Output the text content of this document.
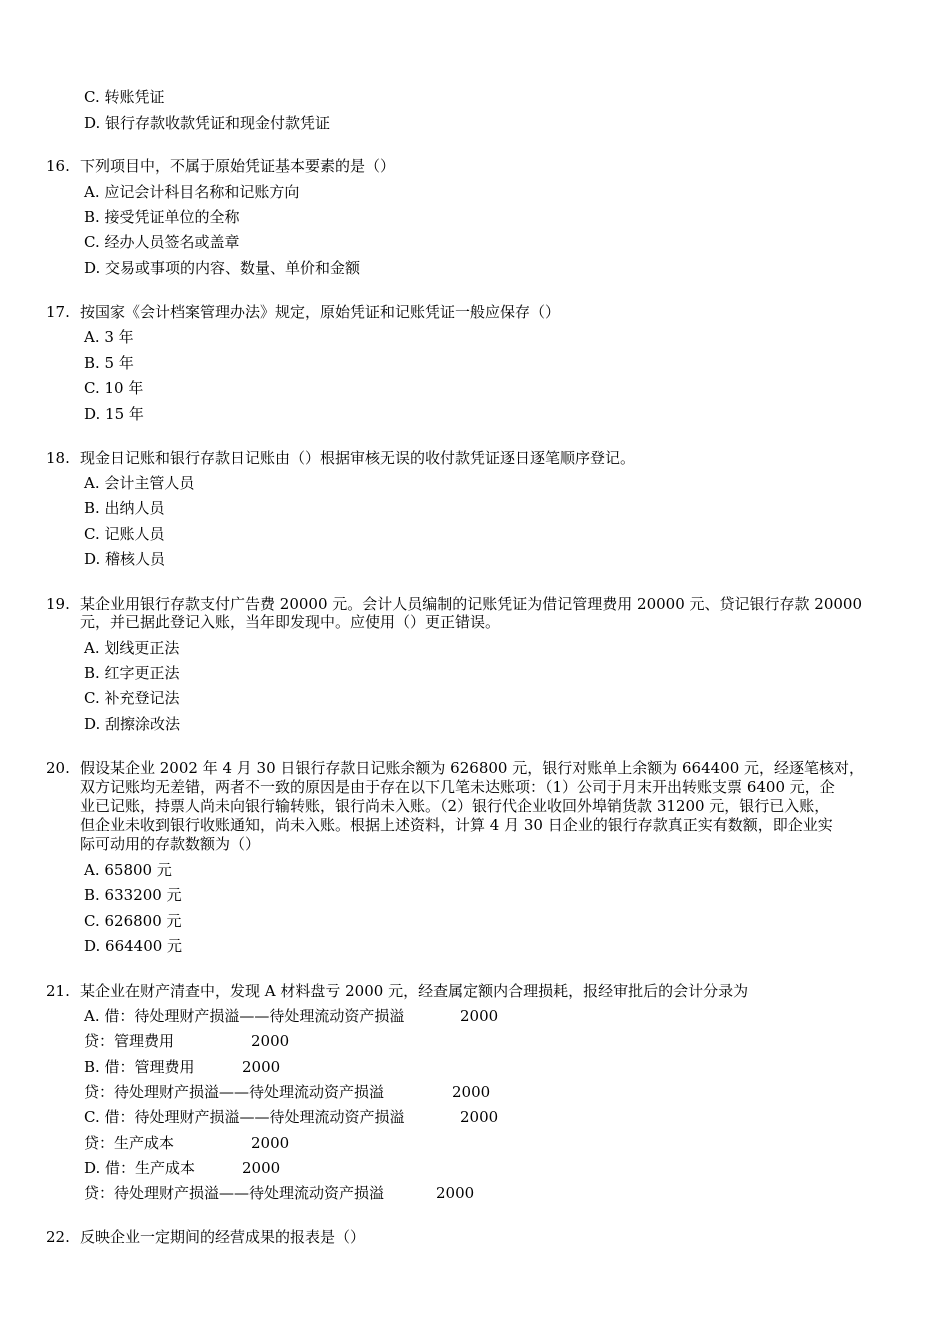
C. 转账凭证
D. 银行存款收款凭证和现金付款凭证
16. 下列项目中，不属于原始凭证基本要素的是（）
A. 应记会计科目名称和记账方向
B. 接受凭证单位的全称
C. 经办人员签名或盖章
D. 交易或事项的内容、数量、单价和金额
17. 按国家《会计档案管理办法》规定，原始凭证和记账凭证一般应保存（）
A. 3 年
B. 5 年
C. 10 年
D. 15 年
18. 现金日记账和银行存款日记账由（）根据审核无误的收付款凭证逐日逐笔顺序登记。
A. 会计主管人员
B. 出纳人员
C. 记账人员
D. 稽核人员
19. 某企业用银行存款支付广告费 20000 元。会计人员编制的记账凭证为借记管理费用 20000 元、贷记银行存款 20000
元，并已据此登记入账，当年即发现中。应使用（）更正错误。
A. 划线更正法
B. 红字更正法
C. 补充登记法
D. 刮擦涂改法
20. 假设某企业 2002 年 4 月 30 日银行存款日记账余额为 626800 元，银行对账单上余额为 664400 元，经逐笔核对，
双方记账均无差错，两者不一致的原因是由于存在以下几笔未达账项：（1）公司于月末开出转账支票 6400 元，企
业已记账，持票人尚未向银行输转账，银行尚未入账。（2）银行代企业收回外埠销货款 31200 元，银行已入账，
但企业未收到银行收账通知，尚未入账。根据上述资料，计算 4 月 30 日企业的银行存款真正实有数额，即企业实
际可动用的存款数额为（）
A. 65800 元
B. 633200 元
C. 626800 元
D. 664400 元
21. 某企业在财产清查中，发现 A 材料盘亏 2000 元，经查属定额内合理损耗，报经审批后的会计分录为
A. 借：待处理财产损溢——待处理流动资产损溢	2000
贷：管理费用	2000
B. 借：管理费用	2000
贷：待处理财产损溢——待处理流动资产损溢	2000
C. 借：待处理财产损溢——待处理流动资产损溢	2000
贷：生产成本	2000
D. 借：生产成本	2000
贷：待处理财产损溢——待处理流动资产损溢	2000
22. 反映企业一定期间的经营成果的报表是（）
